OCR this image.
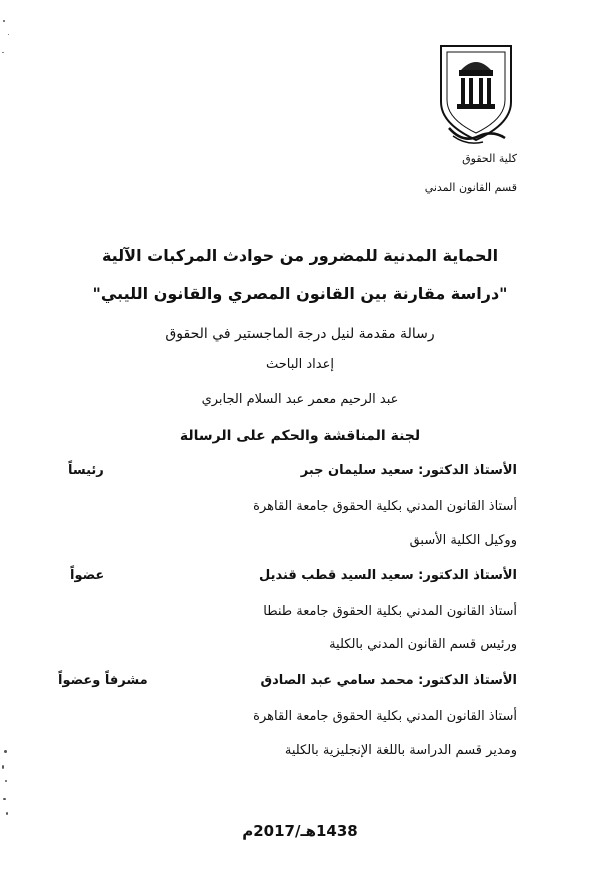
كلية الحقوق
قسم القانون المدني
الحماية المدنية للمضرور من حوادث المركبات الآلية
"دراسة مقارنة بين القانون المصري والقانون الليبي"
رسالة مقدمة لنيل درجة الماجستير في الحقوق
إعداد الباحث
عبد الرحيم معمر عبد السلام الجابري
لجنة المناقشة والحكم على الرسالة
الأستاذ الدكتور: سعيد سليمان جبر
رئيساً
أستاذ القانون المدني بكلية الحقوق جامعة القاهرة
ووكيل الكلية الأسبق
الأستاذ الدكتور: سعيد السيد قطب قنديل
عضواً
أستاذ القانون المدني بكلية الحقوق جامعة طنطا
ورئيس قسم القانون المدني بالكلية
الأستاذ الدكتور: محمد سامي عبد الصادق
مشرفاً وعضواً
أستاذ القانون المدني بكلية الحقوق جامعة القاهرة
ومدير قسم الدراسة باللغة الإنجليزية بالكلية
1438هـ/2017م
